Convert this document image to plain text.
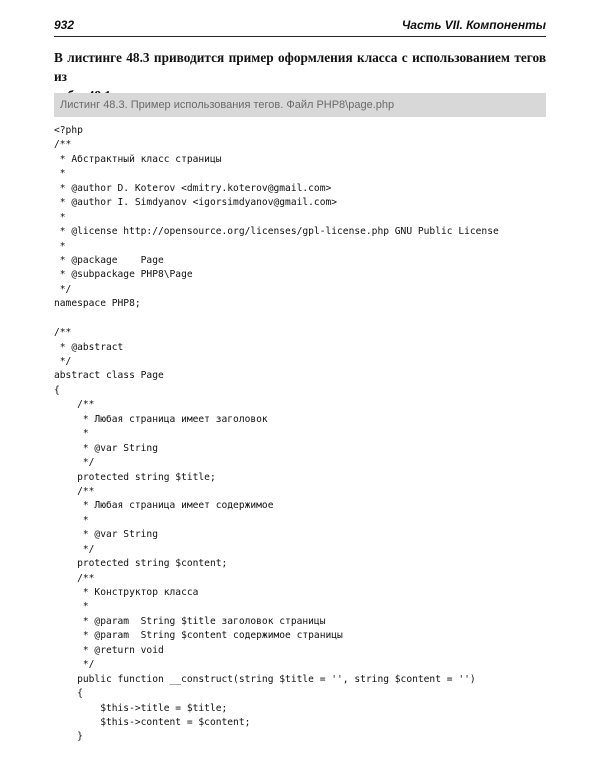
932	Часть VII. Компоненты
В листинге 48.3 приводится пример оформления класса с использованием тегов из
Листинг 48.3. Пример использования тегов. Файл PHP8\page.php
<?php
/**
* Абстрактный класс страницы
*
* @author D. Koterov <dmitry.koterov@gmail.com>
* @author I. Simdyanov <igorsimdyanov@gmail.com>
*
* @license http://opensource.org/licenses/gpl-license.php GNU Public License
*
* @package    Page
* @subpackage PHP8\Page
*/
namespace PHP8;
/**
* @abstract
*/
abstract class Page
{
/**
* Любая страница имеет заголовок
*
* @var String
*/
protected string $title;
/**
* Любая страница имеет содержимое
*
* @var String
*/
protected string $content;
/**
* Конструктор класса
*
* @param  String $title заголовок страницы
* @param  String $content содержимое страницы
* @return void
*/
public function __construct(string $title = '', string $content = '')
{
$this->title = $title;
$this->content = $content;
}
